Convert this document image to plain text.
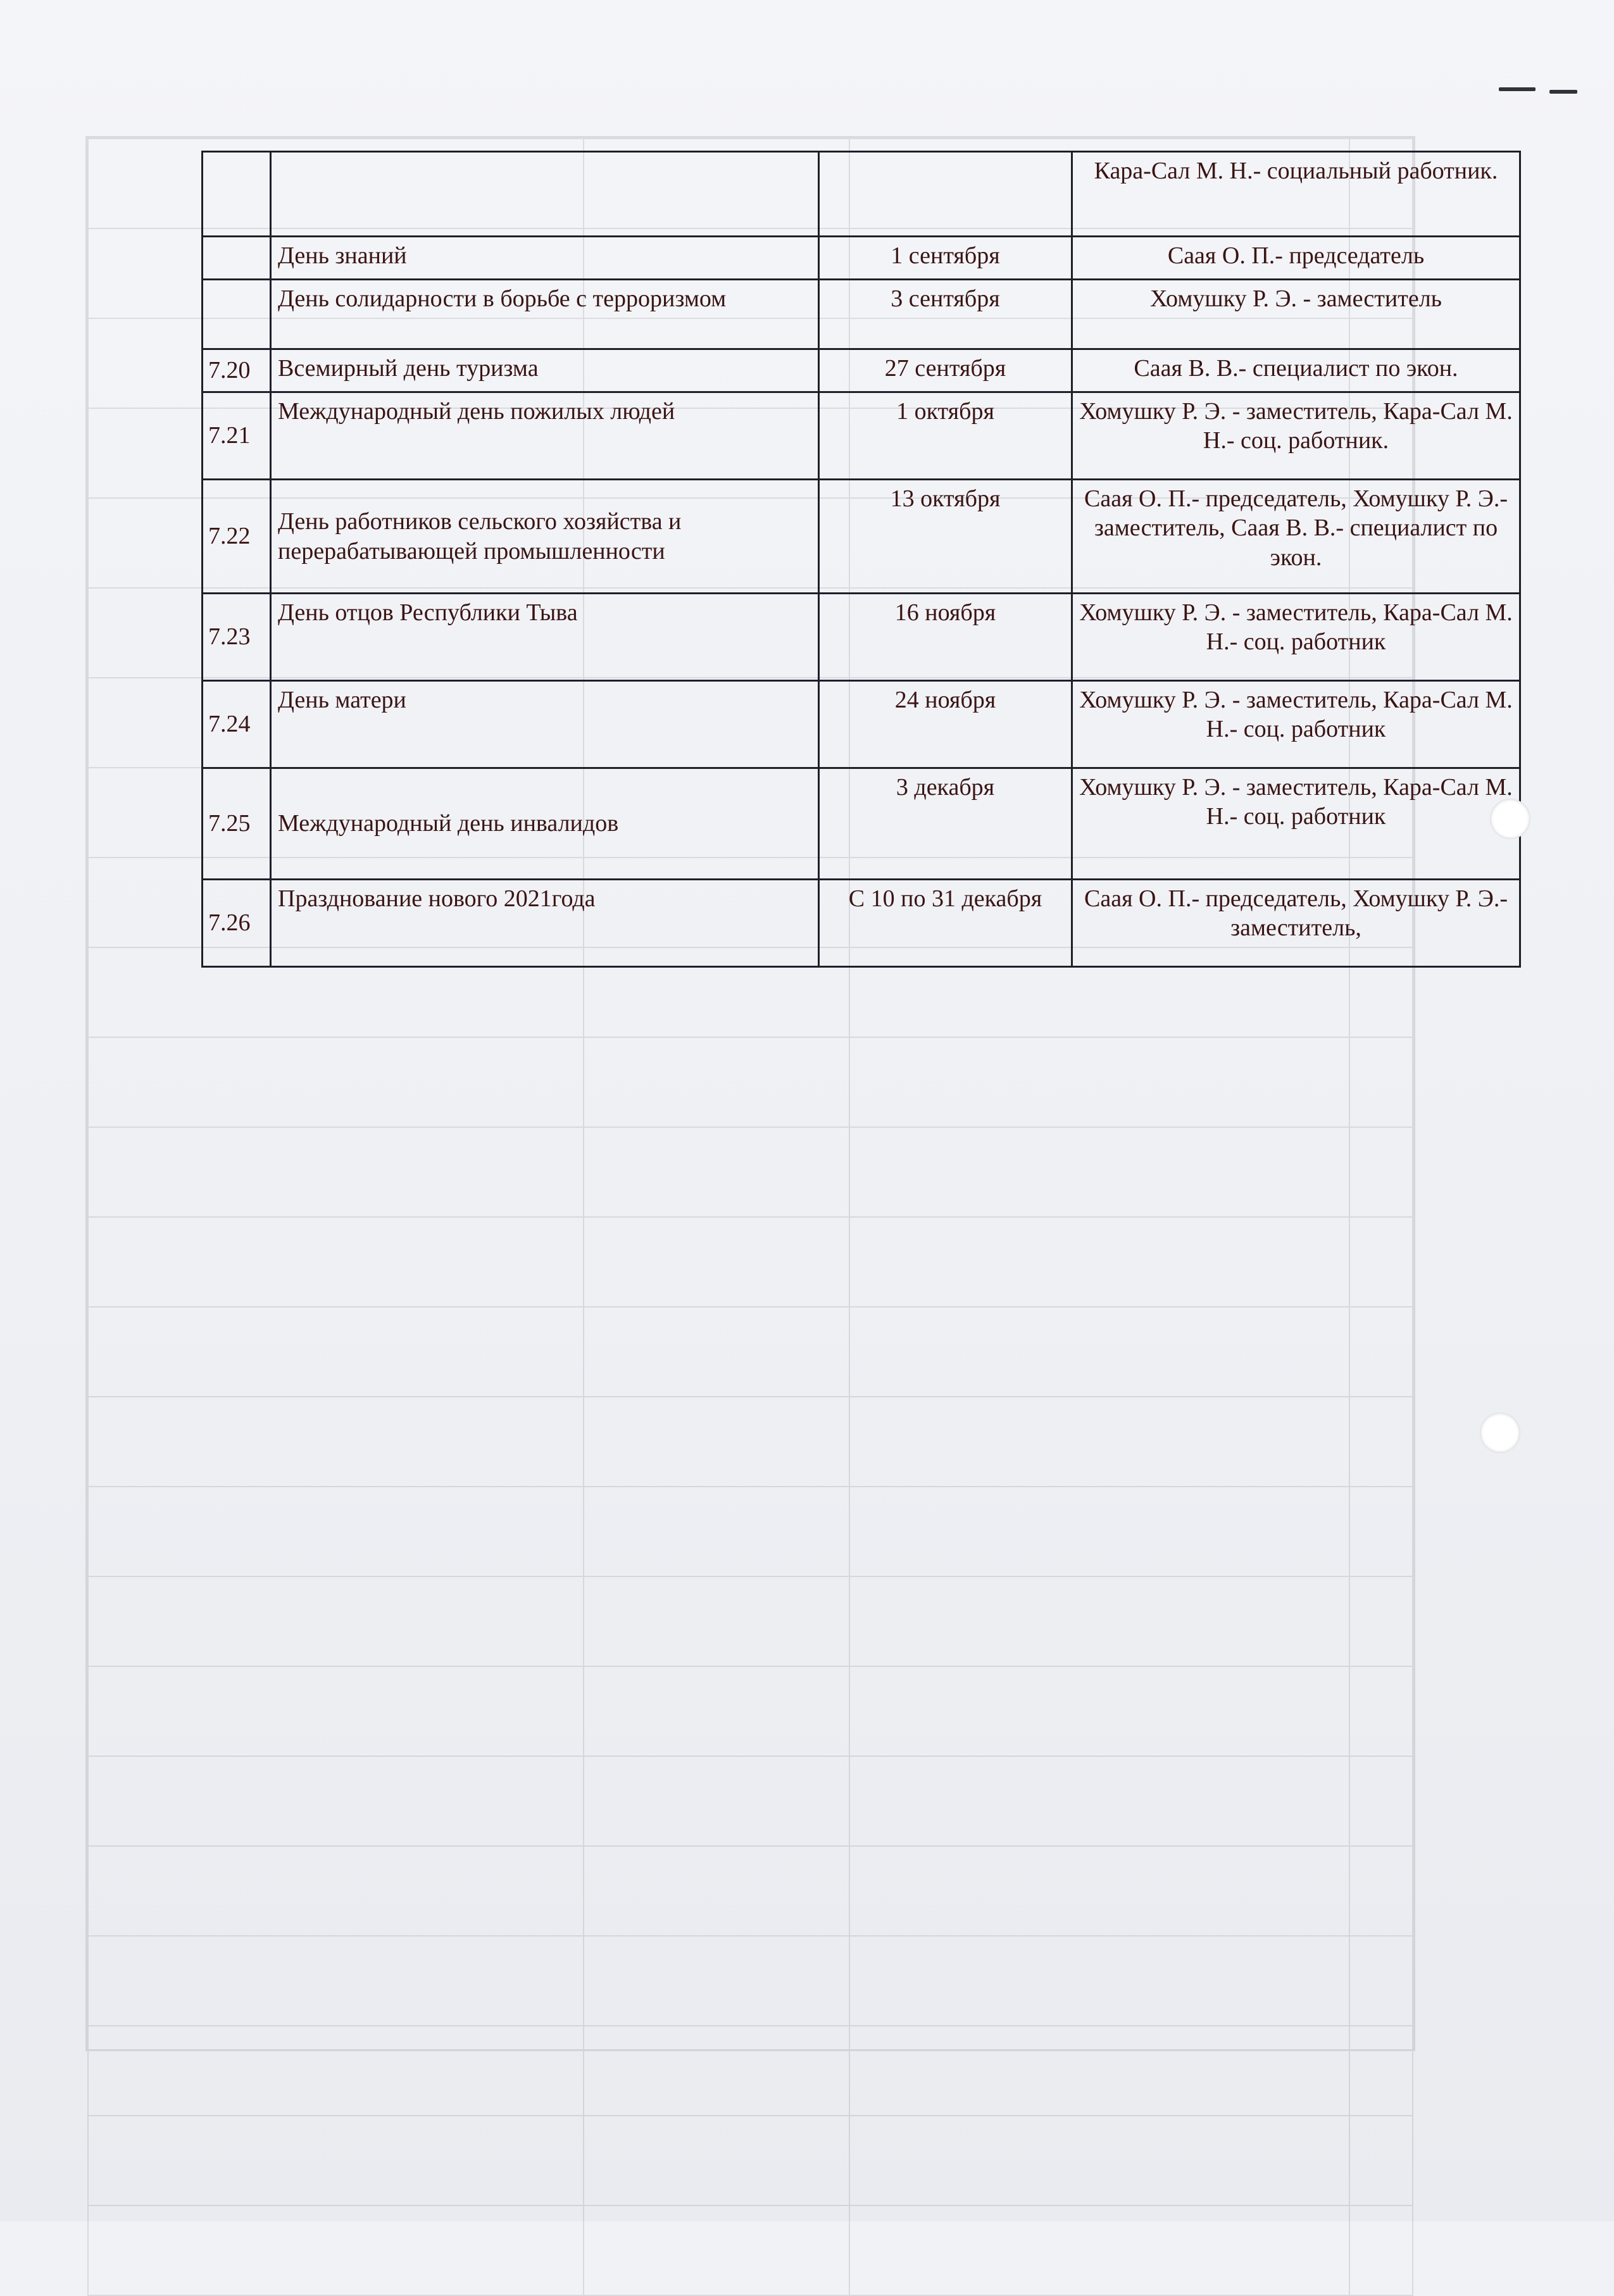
			Кара-Сал М. Н.- социальный работник.
	День знаний	1 сентября	Саая О. П.- председатель
	День солидарности в борьбе с терроризмом	3 сентября	Хомушку Р. Э. - заместитель
7.20	Всемирный день туризма	27 сентября	Саая В. В.- специалист по экон.
7.21	Международный день пожилых людей	1 октября	Хомушку Р. Э. - заместитель, Кара-Сал М. Н.- соц. работник.
7.22	День работников сельского хозяйства и перерабатывающей промышленности	13 октября	Саая О. П.- председатель, Хомушку Р. Э.- заместитель, Саая В. В.- специалист по экон.
7.23	День отцов Республики Тыва	16 ноября	Хомушку Р. Э. - заместитель, Кара-Сал М. Н.- соц. работник
7.24	День матери	24 ноября	Хомушку Р. Э. - заместитель, Кара-Сал М. Н.- соц. работник
7.25	Международный день инвалидов	3 декабря	Хомушку Р. Э. - заместитель, Кара-Сал М. Н.- соц. работник
7.26	Празднование нового 2021года	С 10 по 31 декабря	Саая О. П.- председатель, Хомушку Р. Э.- заместитель,
